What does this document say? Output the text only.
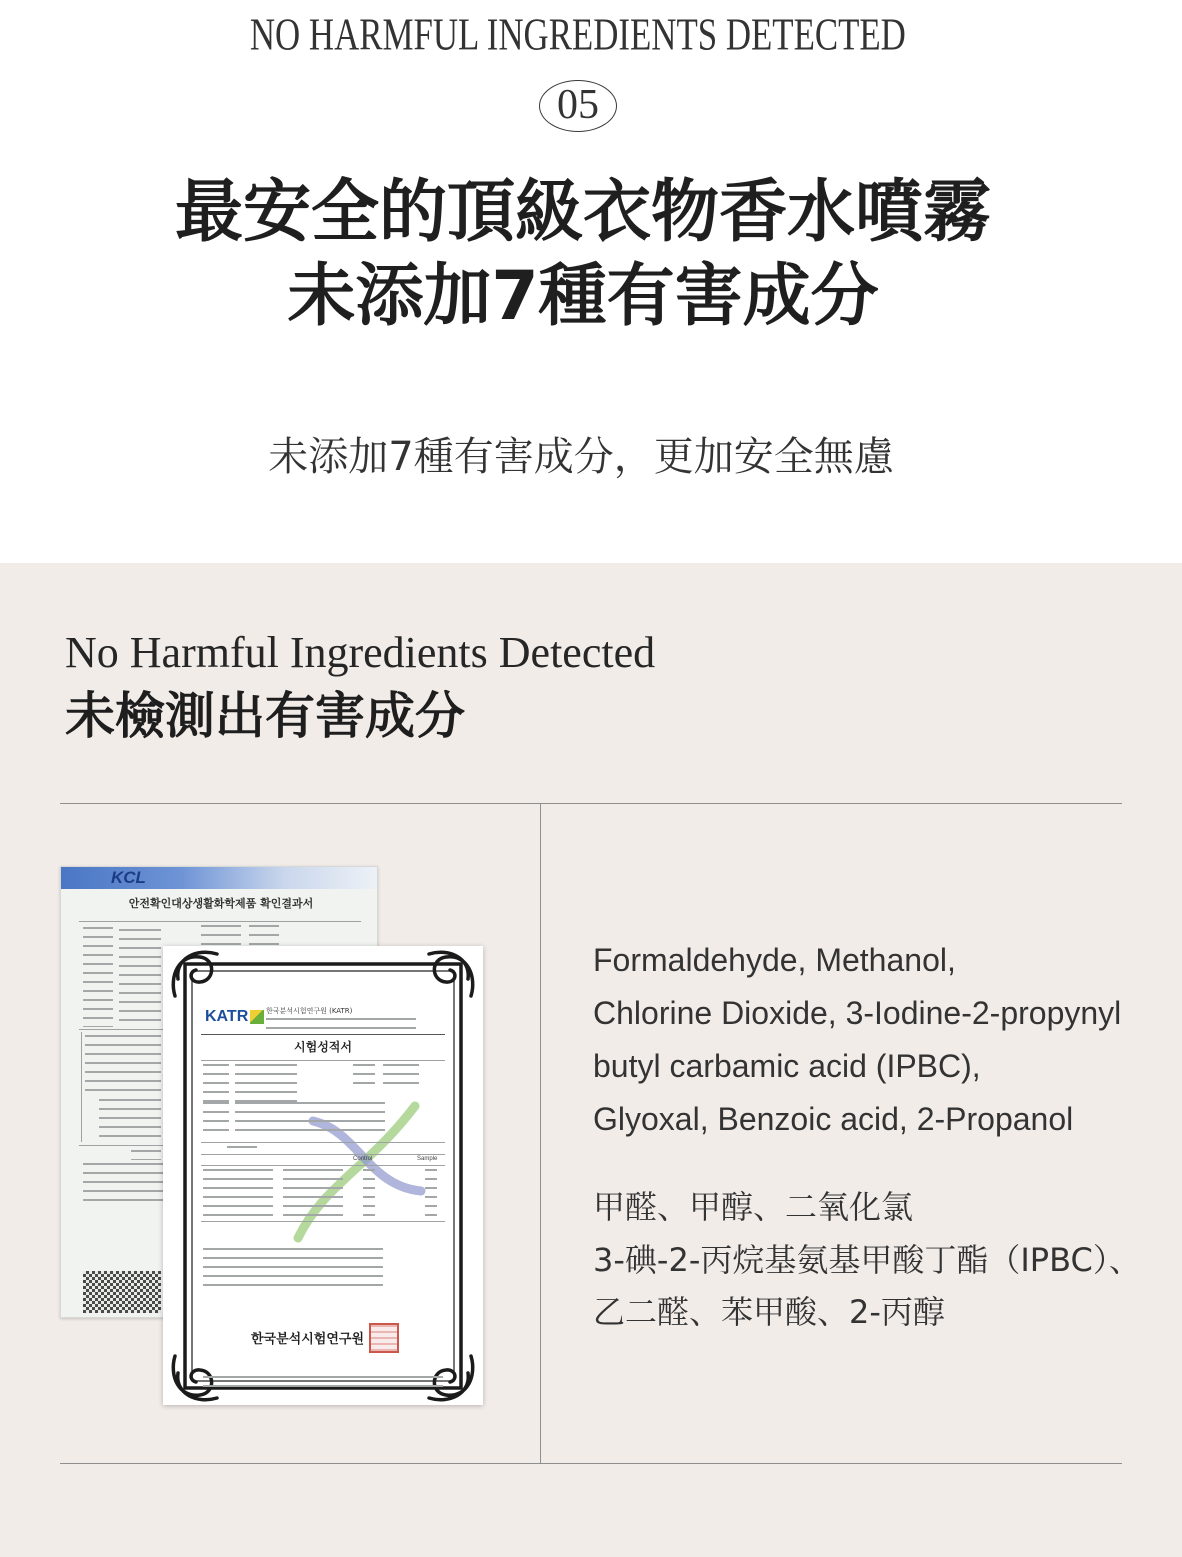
NO HARMFUL INGREDIENTS DETECTED
05
最安全的頂級衣物香水噴霧
未添加7種有害成分
未添加7種有害成分，更加安全無慮
No Harmful Ingredients Detected
未檢測出有害成分
KCL
안전확인대상생활화학제품 확인결과서
KATR	한국분석시험연구원 (KATR)
시험성적서
Control	Sample
한국분석시험연구원
Formaldehyde, Methanol,
Chlorine Dioxide, 3-Iodine-2-propynyl
butyl carbamic acid (IPBC),
Glyoxal, Benzoic acid, 2-Propanol
甲醛、甲醇、二氧化氯
3-碘-2-丙烷基氨基甲酸丁酯（IPBC）、
乙二醛、苯甲酸、2-丙醇
